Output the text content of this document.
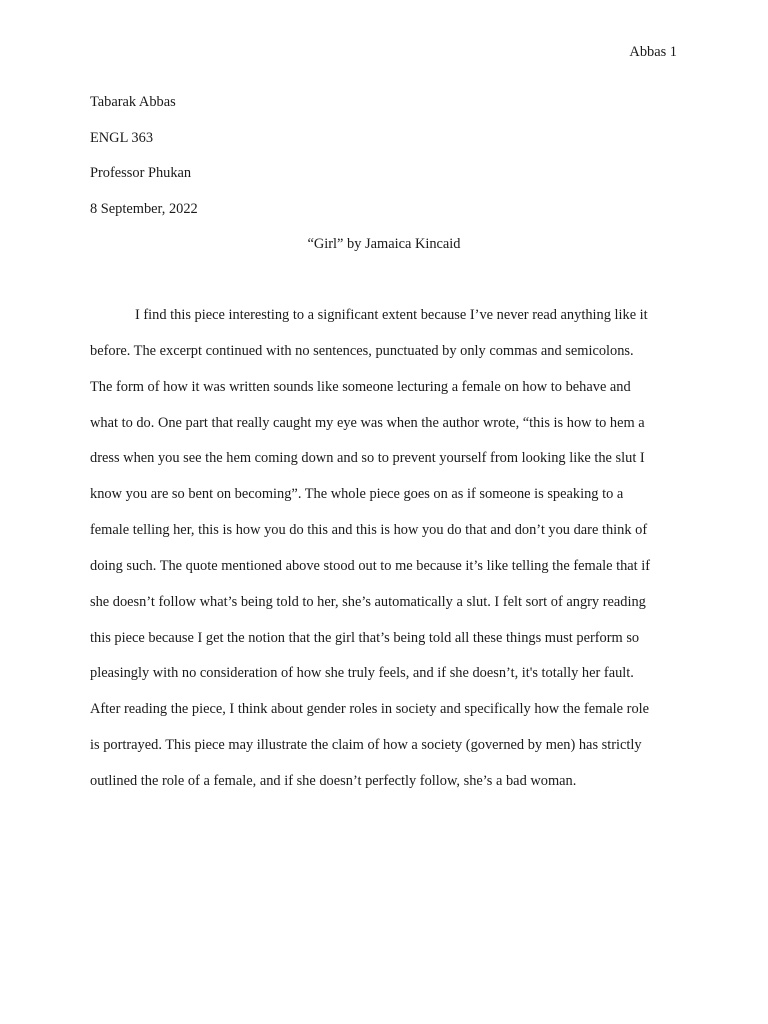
Abbas 1
Tabarak Abbas
ENGL 363
Professor Phukan
8 September, 2022
“Girl” by Jamaica Kincaid
I find this piece interesting to a significant extent because I’ve never read anything like it
before. The excerpt continued with no sentences, punctuated by only commas and semicolons.
The form of how it was written sounds like someone lecturing a female on how to behave and
what to do. One part that really caught my eye was when the author wrote, “this is how to hem a
dress when you see the hem coming down and so to prevent yourself from looking like the slut I
know you are so bent on becoming”. The whole piece goes on as if someone is speaking to a
female telling her, this is how you do this and this is how you do that and don’t you dare think of
doing such. The quote mentioned above stood out to me because it’s like telling the female that if
she doesn’t follow what’s being told to her, she’s automatically a slut. I felt sort of angry reading
this piece because I get the notion that the girl that’s being told all these things must perform so
pleasingly with no consideration of how she truly feels, and if she doesn’t, it's totally her fault.
After reading the piece, I think about gender roles in society and specifically how the female role
is portrayed. This piece may illustrate the claim of how a society (governed by men) has strictly
outlined the role of a female, and if she doesn’t perfectly follow, she’s a bad woman.
